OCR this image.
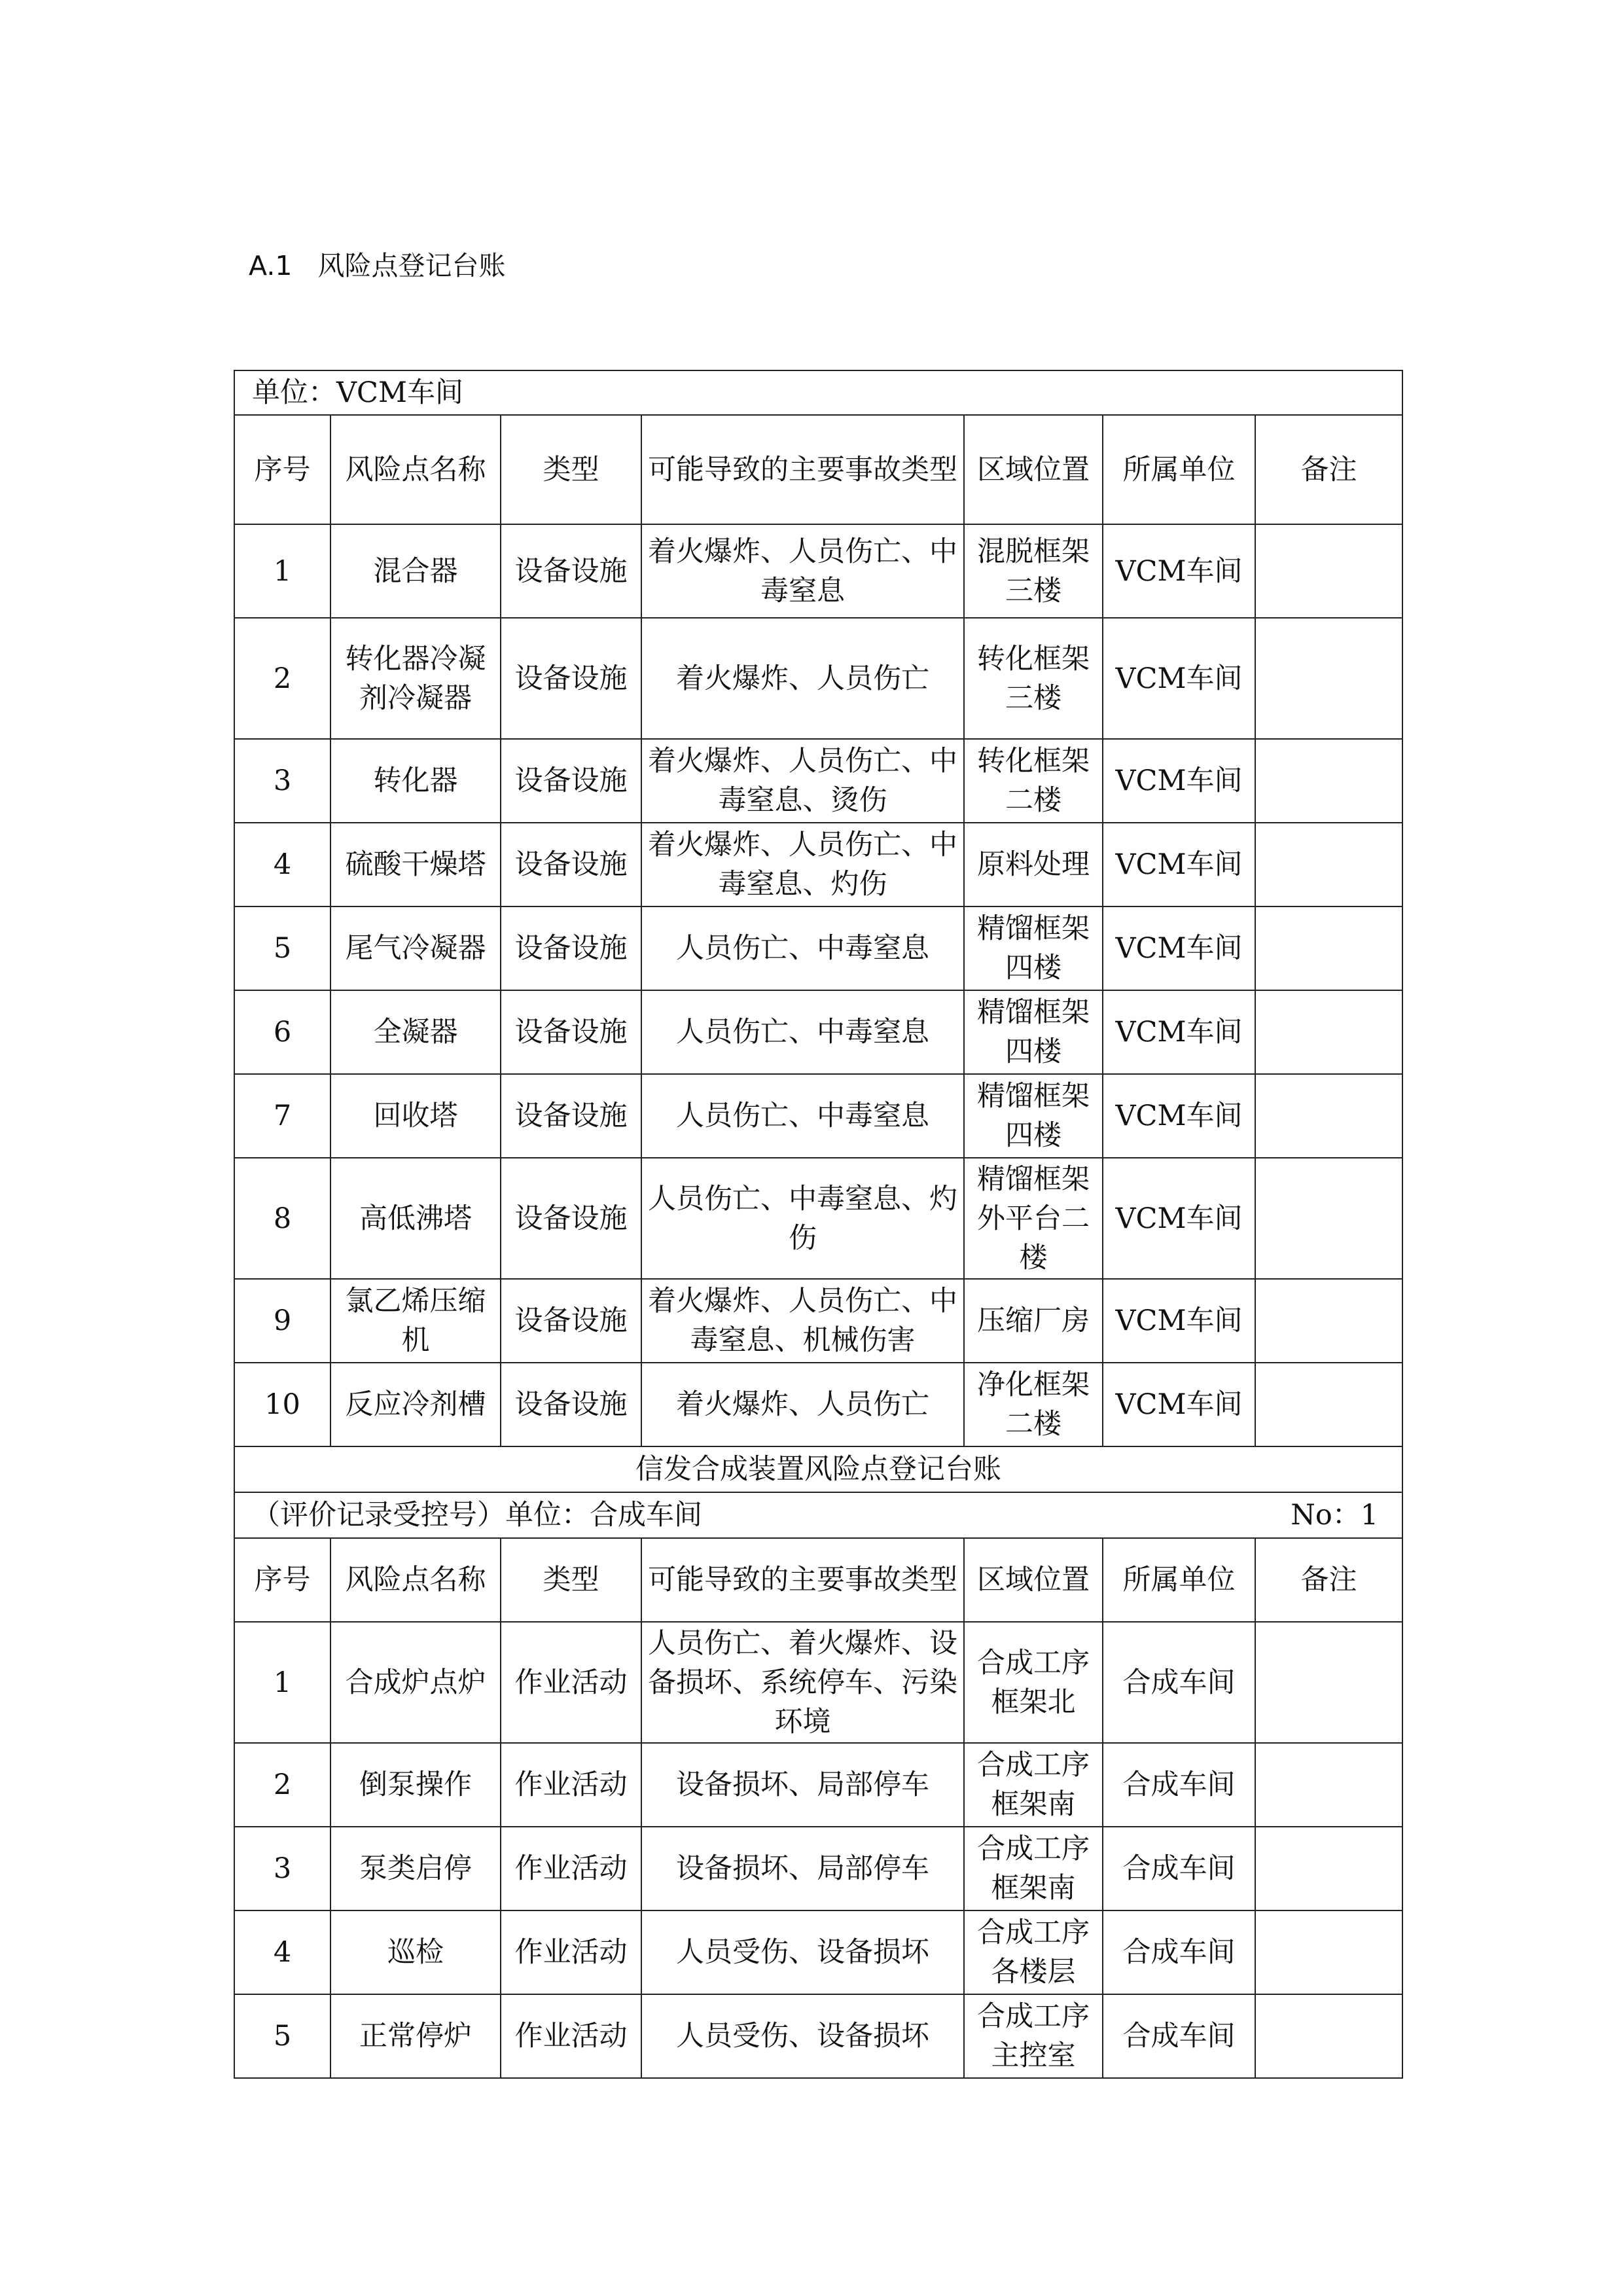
A.1   风险点登记台账
单位：VCM车间						
序号	风险点名称	类型	可能导致的主要事故类型	区域位置	所属单位	备注
1	混合器	设备设施	着火爆炸、人员伤亡、中毒窒息	混脱框架三楼	VCM车间	
2	转化器冷凝剂冷凝器	设备设施	着火爆炸、人员伤亡	转化框架三楼	VCM车间	
3	转化器	设备设施	着火爆炸、人员伤亡、中毒窒息、烫伤	转化框架二楼	VCM车间	
4	硫酸干燥塔	设备设施	着火爆炸、人员伤亡、中毒窒息、灼伤	原料处理	VCM车间	
5	尾气冷凝器	设备设施	人员伤亡、中毒窒息	精馏框架四楼	VCM车间	
6	全凝器	设备设施	人员伤亡、中毒窒息	精馏框架四楼	VCM车间	
7	回收塔	设备设施	人员伤亡、中毒窒息	精馏框架四楼	VCM车间	
8	高低沸塔	设备设施	人员伤亡、中毒窒息、灼伤	精馏框架外平台二楼	VCM车间	
9	氯乙烯压缩机	设备设施	着火爆炸、人员伤亡、中毒窒息、机械伤害	压缩厂房	VCM车间	
10	反应冷剂槽	设备设施	着火爆炸、人员伤亡	净化框架二楼	VCM车间	
信发合成装置风险点登记台账						

（评价记录受控号）单位：合成车间 No：1						

序号	风险点名称	类型	可能导致的主要事故类型	区域位置	所属单位	备注
1	合成炉点炉	作业活动	人员伤亡、着火爆炸、设备损坏、系统停车、污染环境	合成工序框架北	合成车间	
2	倒泵操作	作业活动	设备损坏、局部停车	合成工序框架南	合成车间	
3	泵类启停	作业活动	设备损坏、局部停车	合成工序框架南	合成车间	
4	巡检	作业活动	人员受伤、设备损坏	合成工序各楼层	合成车间	
5	正常停炉	作业活动	人员受伤、设备损坏	合成工序主控室	合成车间	
